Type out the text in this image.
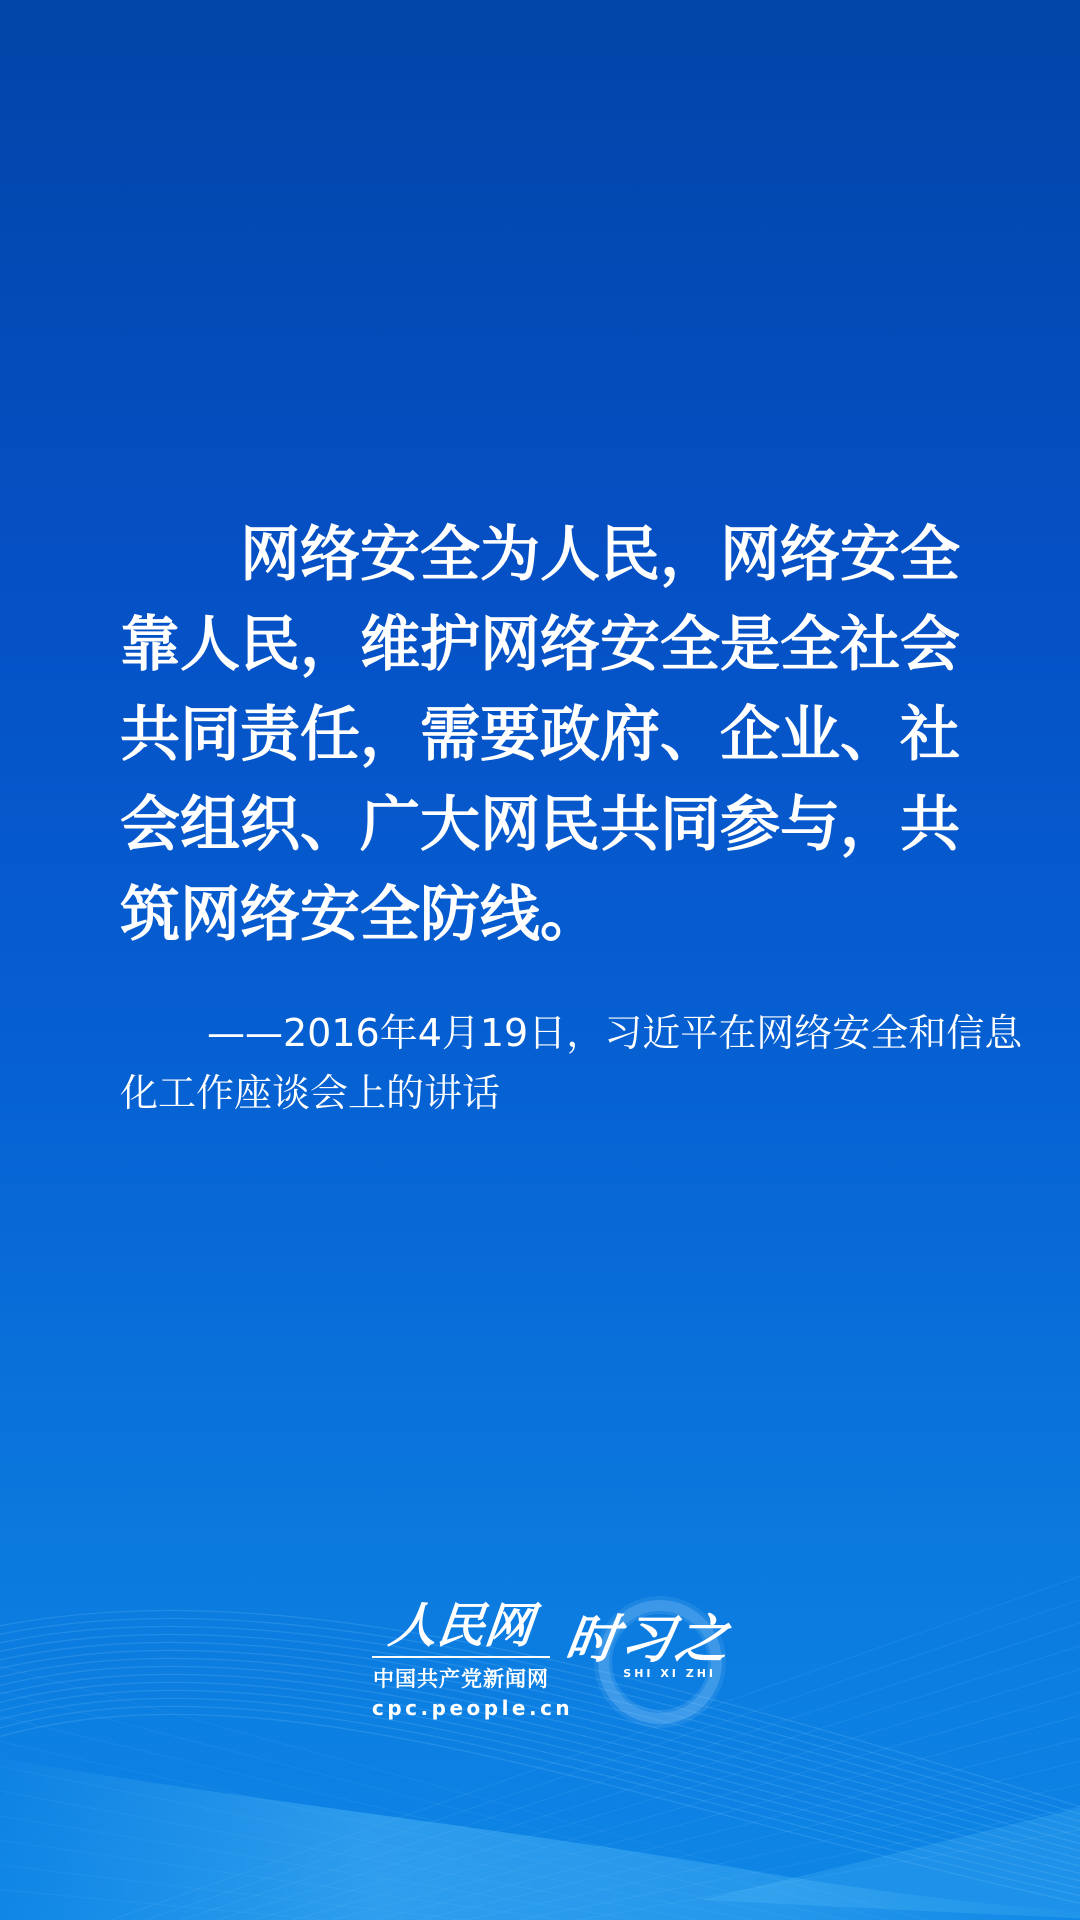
网络安全为人民，网络安全
靠人民，维护网络安全是全社会
共同责任，需要政府、企业、社
会组织、广大网民共同参与，共
筑网络安全防线。
——2016年4月19日，习近平在网络安全和信息
化工作座谈会上的讲话
人民网
中国共产党新闻网
cpc.people.cn
时习之
SHI XI ZHI
